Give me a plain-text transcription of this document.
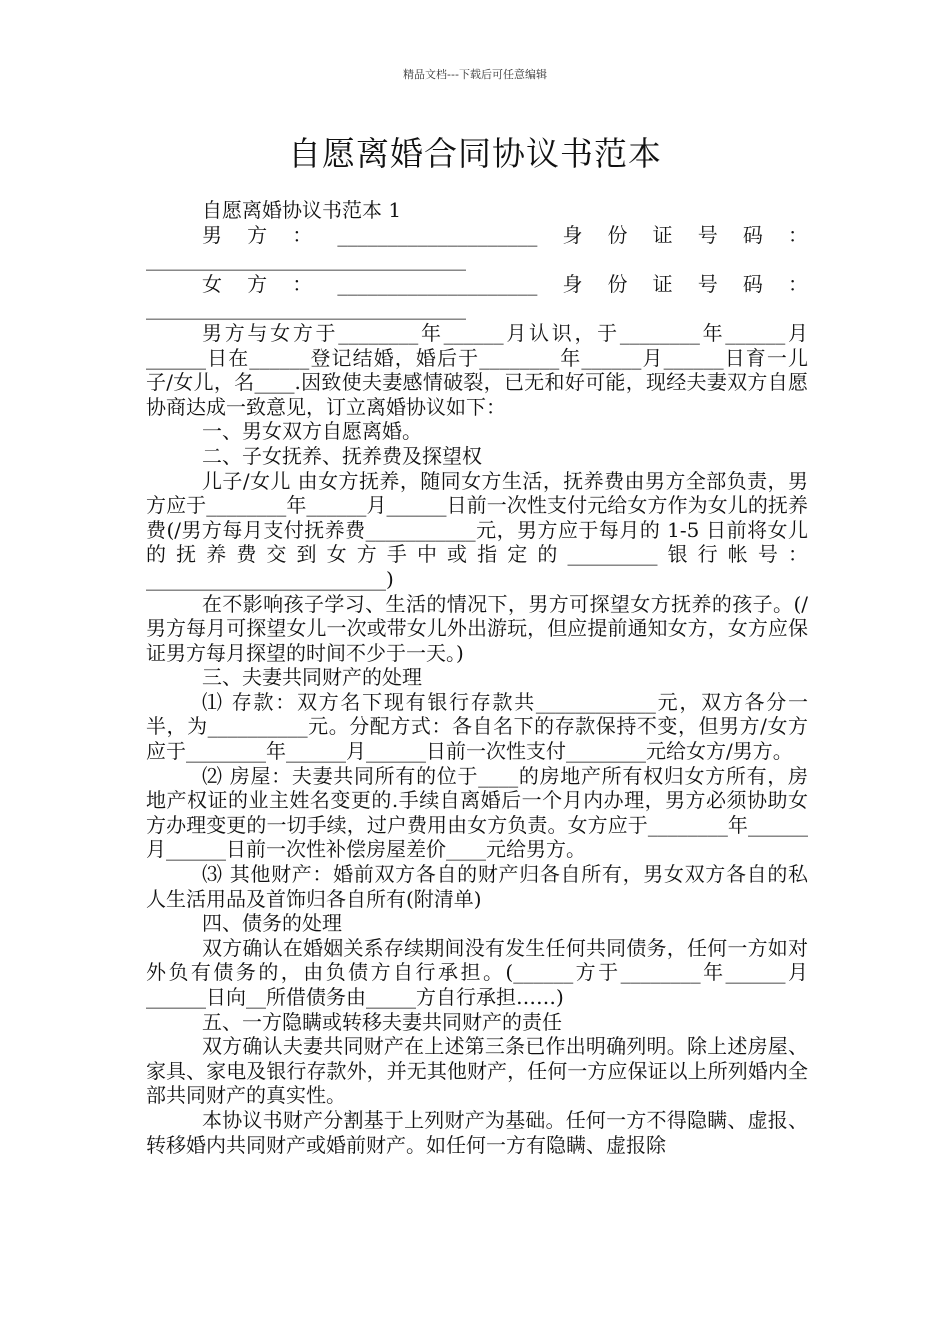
精品文档---下载后可任意编辑
自愿离婚合同协议书范本

自愿离婚协议书范本 1

男方：____________________身份证号码：________________________________

女方：____________________身份证号码：________________________________

男方与女方于________年______月认识，于________年______月______日在______登记结婚，婚后于________年______月______日育一儿子/女儿，名____.因致使夫妻感情破裂，已无和好可能，现经夫妻双方自愿协商达成一致意见，订立离婚协议如下：

一、男女双方自愿离婚。

二、子女抚养、抚养费及探望权

儿子/女儿 由女方抚养，随同女方生活，抚养费由男方全部负责，男方应于________年______月______日前一次性支付元给女方作为女儿的抚养费(/男方每月支付抚养费___________元，男方应于每月的 1-5 日前将女儿的抚养费交到女方手中或指定的_________银行帐号：________________________)

在不影响孩子学习、生活的情况下，男方可探望女方抚养的孩子。(/男方每月可探望女儿一次或带女儿外出游玩，但应提前通知女方，女方应保证男方每月探望的时间不少于一天。)

三、夫妻共同财产的处理

⑴ 存款：双方名下现有银行存款共____________元，双方各分一半，为__________元。分配方式：各自名下的存款保持不变，但男方/女方应于________年______月______日前一次性支付________元给女方/男方。

⑵ 房屋：夫妻共同所有的位于____的房地产所有权归女方所有，房地产权证的业主姓名变更的.手续自离婚后一个月内办理，男方必须协助女方办理变更的一切手续，过户费用由女方负责。女方应于________年______月______日前一次性补偿房屋差价____元给男方。

⑶ 其他财产：婚前双方各自的财产归各自所有，男女双方各自的私人生活用品及首饰归各自所有(附清单)

四、债务的处理

双方确认在婚姻关系存续期间没有发生任何共同债务，任何一方如对外负有债务的，由负债方自行承担。(______方于________年______月______日向__所借债务由_____方自行承担……)

五、一方隐瞒或转移夫妻共同财产的责任

双方确认夫妻共同财产在上述第三条已作出明确列明。除上述房屋、家具、家电及银行存款外，并无其他财产，任何一方应保证以上所列婚内全部共同财产的真实性。

本协议书财产分割基于上列财产为基础。任何一方不得隐瞒、虚报、转移婚内共同财产或婚前财产。如任何一方有隐瞒、虚报除
